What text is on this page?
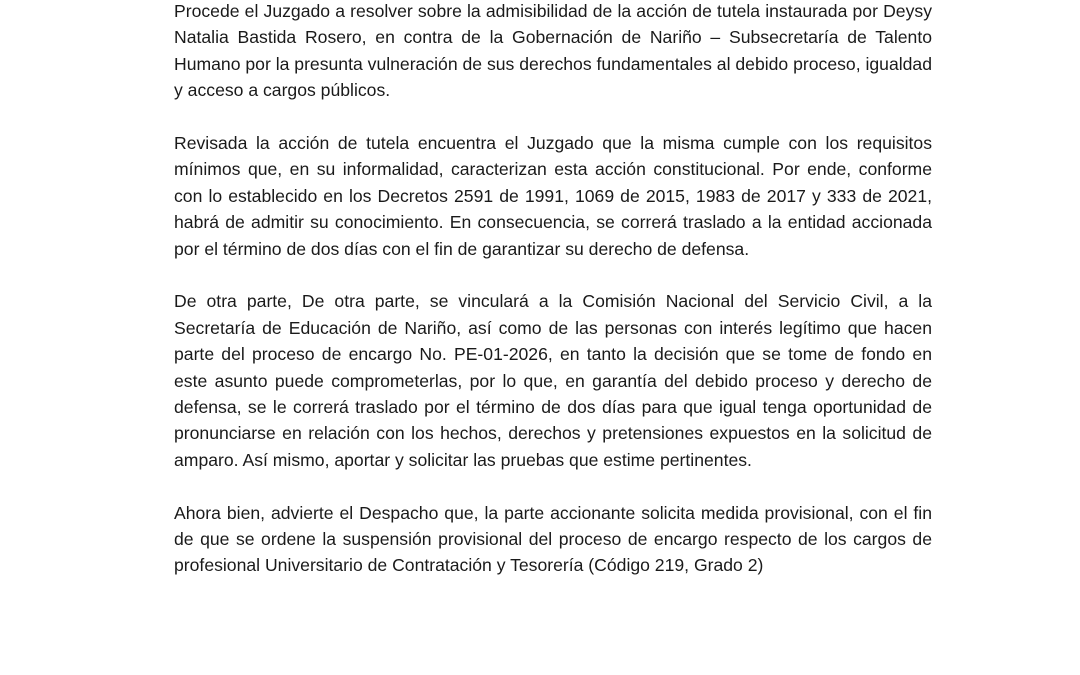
Procede el Juzgado a resolver sobre la admisibilidad de la acción de tutela instaurada por Deysy Natalia Bastida Rosero, en contra de la Gobernación de Nariño – Subsecretaría de Talento Humano por la presunta vulneración de sus derechos fundamentales al debido proceso, igualdad y acceso a cargos públicos.

Revisada la acción de tutela encuentra el Juzgado que la misma cumple con los requisitos mínimos que, en su informalidad, caracterizan esta acción constitucional. Por ende, conforme con lo establecido en los Decretos 2591 de 1991, 1069 de 2015, 1983 de 2017 y 333 de 2021, habrá de admitir su conocimiento. En consecuencia, se correrá traslado a la entidad accionada por el término de dos días con el fin de garantizar su derecho de defensa.

De otra parte, De otra parte, se vinculará a la Comisión Nacional del Servicio Civil, a la Secretaría de Educación de Nariño, así como de las personas con interés legítimo que hacen parte del proceso de encargo No. PE-01-2026, en tanto la decisión que se tome de fondo en este asunto puede comprometerlas, por lo que, en garantía del debido proceso y derecho de defensa, se le correrá traslado por el término de dos días para que igual tenga oportunidad de pronunciarse en relación con los hechos, derechos y pretensiones expuestos en la solicitud de amparo. Así mismo, aportar y solicitar las pruebas que estime pertinentes.

Ahora bien, advierte el Despacho que, la parte accionante solicita medida provisional, con el fin de que se ordene la suspensión provisional del proceso de encargo respecto de los cargos de profesional Universitario de Contratación y Tesorería (Código 219, Grado 2)
